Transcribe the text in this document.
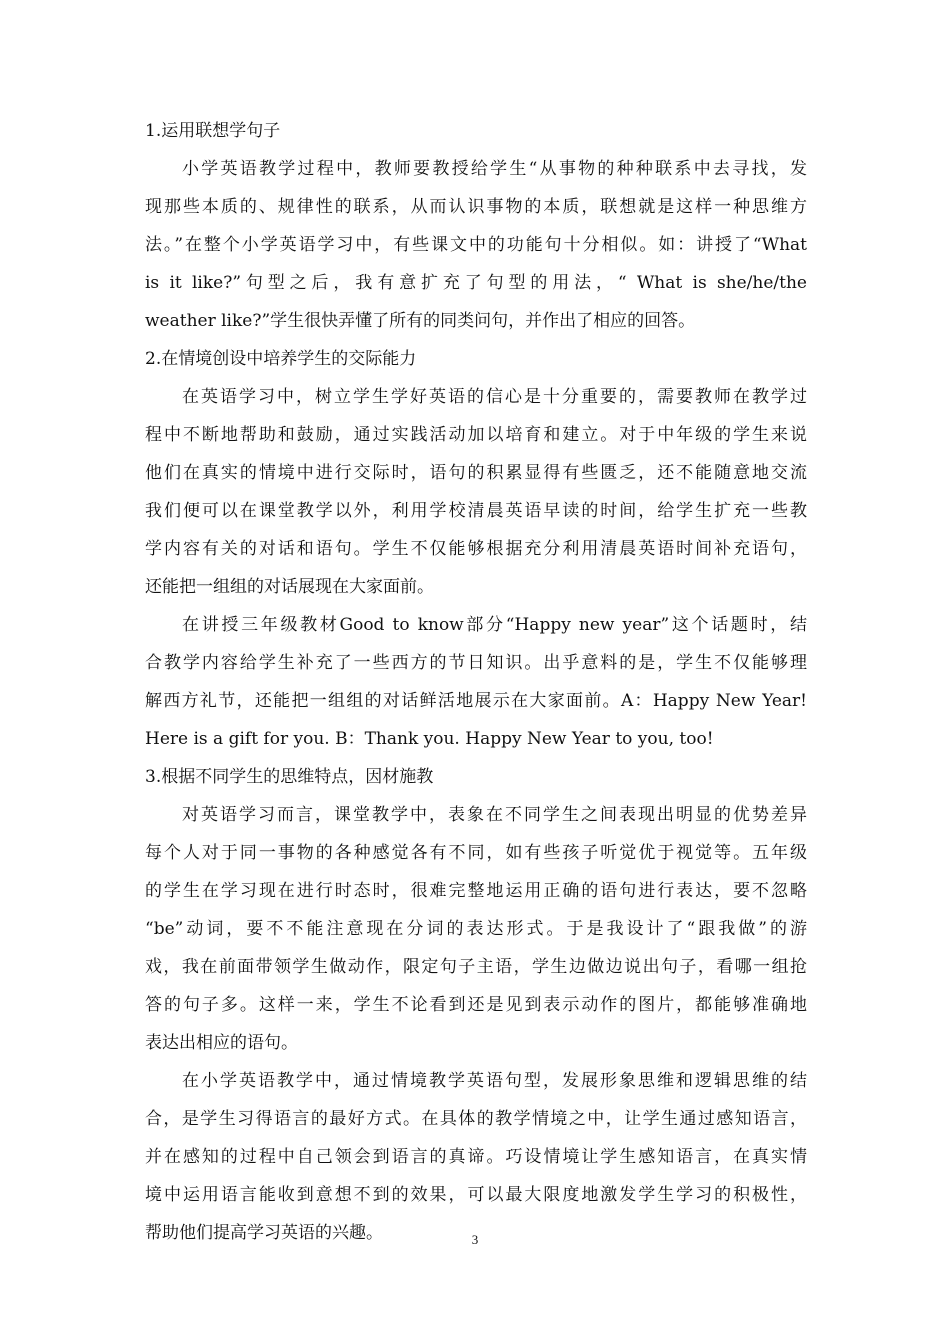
1.运用联想学句子

小学英语教学过程中，教师要教授给学生“从事物的种种联系中去寻找，发
现那些本质的、规律性的联系，从而认识事物的本质，联想就是这样一种思维方
法。”在整个小学英语学习中，有些课文中的功能句十分相似。如：讲授了“What
is it like?”句型之后，我有意扩充了句型的用法，“ What is she/he/the
weather like?”学生很快弄懂了所有的同类问句，并作出了相应的回答。

2.在情境创设中培养学生的交际能力

在英语学习中，树立学生学好英语的信心是十分重要的，需要教师在教学过
程中不断地帮助和鼓励，通过实践活动加以培育和建立。对于中年级的学生来说
他们在真实的情境中进行交际时，语句的积累显得有些匮乏，还不能随意地交流
我们便可以在课堂教学以外，利用学校清晨英语早读的时间，给学生扩充一些教
学内容有关的对话和语句。学生不仅能够根据充分利用清晨英语时间补充语句，
还能把一组组的对话展现在大家面前。

在讲授三年级教材Good to know部分“Happy new year”这个话题时，结
合教学内容给学生补充了一些西方的节日知识。出乎意料的是，学生不仅能够理
解西方礼节，还能把一组组的对话鲜活地展示在大家面前。A：Happy New Year!
Here is a gift for you. B：Thank you. Happy New Year to you, too!

3.根据不同学生的思维特点，因材施教

对英语学习而言，课堂教学中，表象在不同学生之间表现出明显的优势差异
每个人对于同一事物的各种感觉各有不同，如有些孩子听觉优于视觉等。五年级
的学生在学习现在进行时态时，很难完整地运用正确的语句进行表达，要不忽略
“be”动词，要不不能注意现在分词的表达形式。于是我设计了“跟我做”的游
戏，我在前面带领学生做动作，限定句子主语，学生边做边说出句子，看哪一组抢
答的句子多。这样一来，学生不论看到还是见到表示动作的图片，都能够准确地
表达出相应的语句。

在小学英语教学中，通过情境教学英语句型，发展形象思维和逻辑思维的结
合，是学生习得语言的最好方式。在具体的教学情境之中，让学生通过感知语言，
并在感知的过程中自己领会到语言的真谛。巧设情境让学生感知语言，在真实情
境中运用语言能收到意想不到的效果，可以最大限度地激发学生学习的积极性，
帮助他们提高学习英语的兴趣。	3
